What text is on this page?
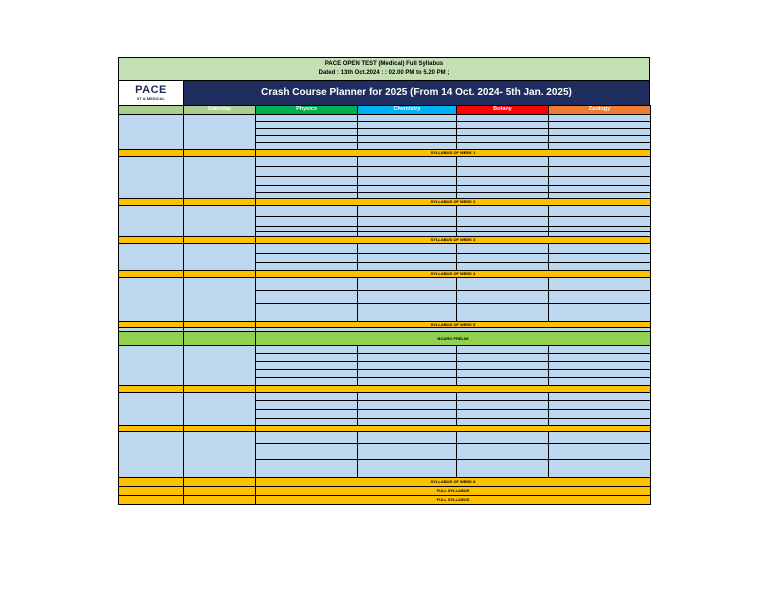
PACE OPEN TEST (Medical) Full Syllabus
Dated : 13th Oct.2024 : : 02.00 PM to 5.20 PM ;
PACE
IIT & MEDICAL
Crash Course Planner for 2025 (From 14 Oct. 2024- 5th Jan. 2025)
	Date/day	Physics	Chemistry	Botany	Zoology

		SYLLABUS OF WEEK 1			

		SYLLABUS OF WEEK 2			

		SYLLABUS OF WEEK 3			

		SYLLABUS OF WEEK 4			

		SYLLABUS OF WEEK 5			

		BOARD PRELIM			

		SYLLABUS OF WEEK 8			
		FULL SYLLABUS			
		FULL SYLLABUS			
